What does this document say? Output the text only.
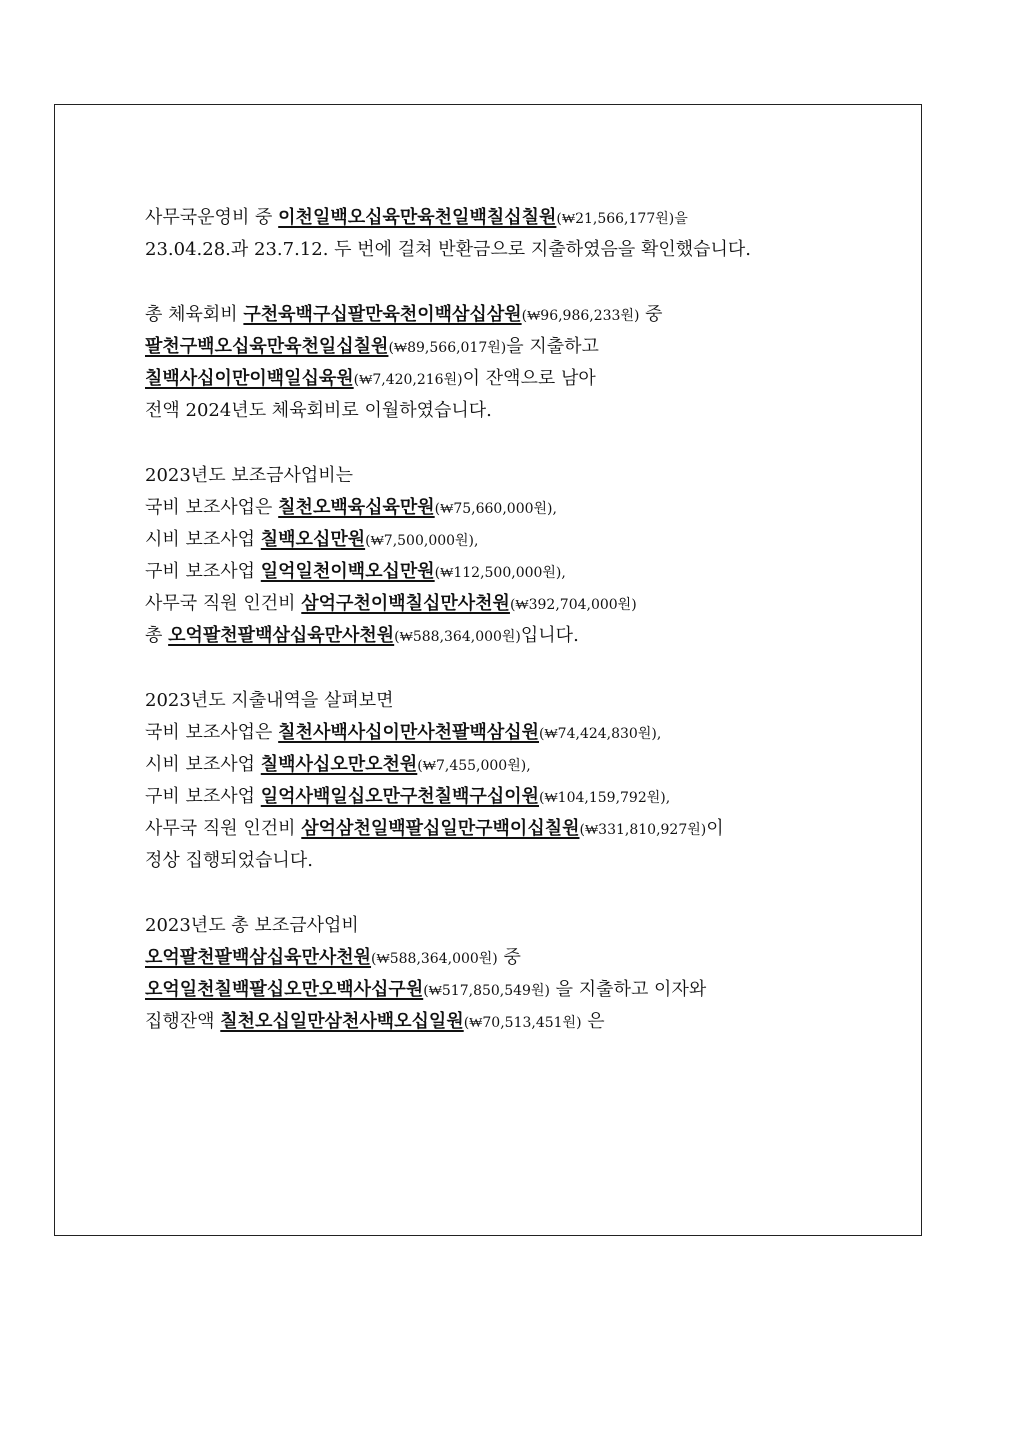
사무국운영비 중 이천일백오십육만육천일백칠십칠원(₩21,566,177원)을
23.04.28.과 23.7.12. 두 번에 걸쳐 반환금으로 지출하였음을 확인했습니다.
총 체육회비 구천육백구십팔만육천이백삼십삼원(₩96,986,233원) 중
팔천구백오십육만육천일십칠원(₩89,566,017원)을 지출하고
칠백사십이만이백일십육원(₩7,420,216원)이 잔액으로 남아
전액 2024년도 체육회비로 이월하였습니다.
2023년도 보조금사업비는
국비 보조사업은 칠천오백육십육만원(₩75,660,000원),
시비 보조사업 칠백오십만원(₩7,500,000원),
구비 보조사업 일억일천이백오십만원(₩112,500,000원),
사무국 직원 인건비 삼억구천이백칠십만사천원(₩392,704,000원)
총 오억팔천팔백삼십육만사천원(₩588,364,000원)입니다.
2023년도 지출내역을 살펴보면
국비 보조사업은 칠천사백사십이만사천팔백삼십원(₩74,424,830원),
시비 보조사업 칠백사십오만오천원(₩7,455,000원),
구비 보조사업 일억사백일십오만구천칠백구십이원(₩104,159,792원),
사무국 직원 인건비 삼억삼천일백팔십일만구백이십칠원(₩331,810,927원)이
정상 집행되었습니다.
2023년도 총 보조금사업비
오억팔천팔백삼십육만사천원(₩588,364,000원) 중
오억일천칠백팔십오만오백사십구원(₩517,850,549원) 을 지출하고 이자와
집행잔액 칠천오십일만삼천사백오십일원(₩70,513,451원) 은
